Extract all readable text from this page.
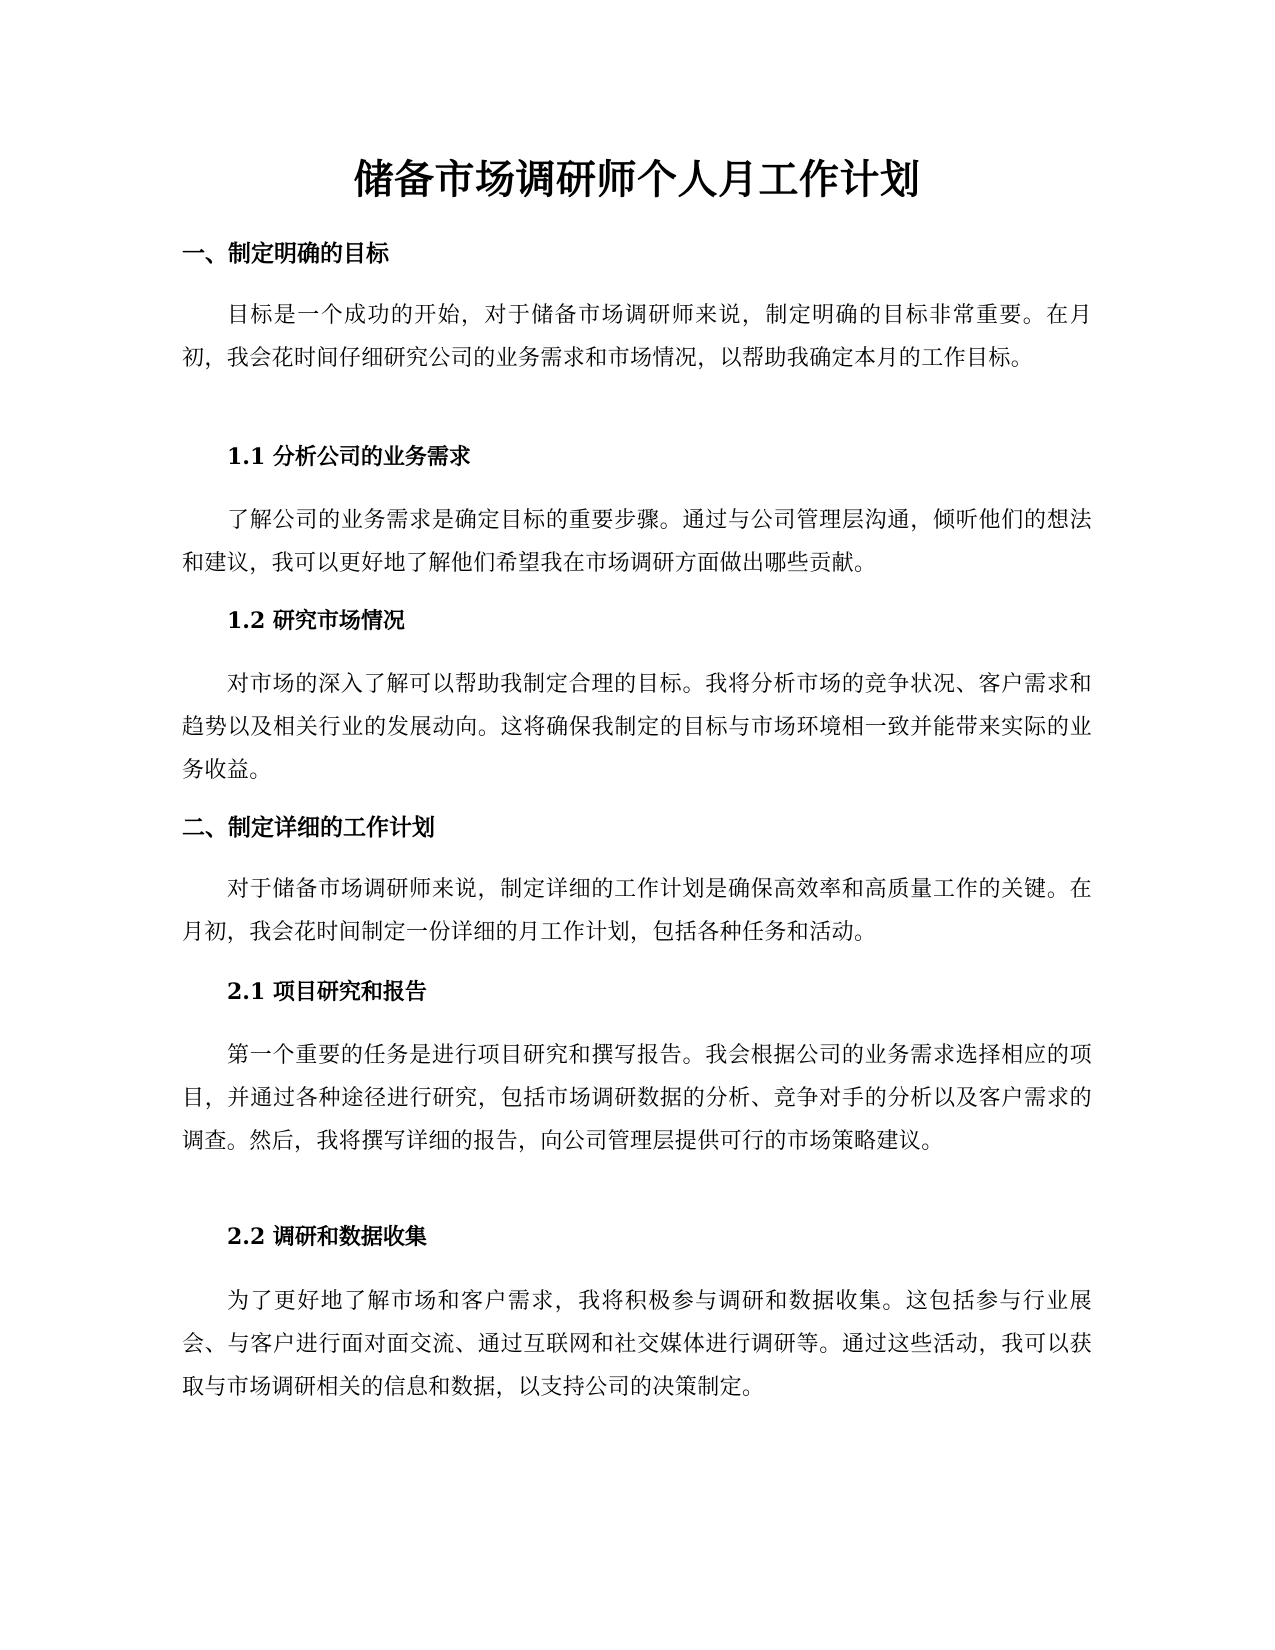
储备市场调研师个人月工作计划
一、制定明确的目标

目标是一个成功的开始，对于储备市场调研师来说，制定明确的目标非常重要。在月初，我会花时间仔细研究公司的业务需求和市场情况，以帮助我确定本月的工作目标。

1.1 分析公司的业务需求

了解公司的业务需求是确定目标的重要步骤。通过与公司管理层沟通，倾听他们的想法和建议，我可以更好地了解他们希望我在市场调研方面做出哪些贡献。

1.2 研究市场情况

对市场的深入了解可以帮助我制定合理的目标。我将分析市场的竞争状况、客户需求和趋势以及相关行业的发展动向。这将确保我制定的目标与市场环境相一致并能带来实际的业务收益。

二、制定详细的工作计划

对于储备市场调研师来说，制定详细的工作计划是确保高效率和高质量工作的关键。在月初，我会花时间制定一份详细的月工作计划，包括各种任务和活动。

2.1 项目研究和报告

第一个重要的任务是进行项目研究和撰写报告。我会根据公司的业务需求选择相应的项目，并通过各种途径进行研究，包括市场调研数据的分析、竞争对手的分析以及客户需求的调查。然后，我将撰写详细的报告，向公司管理层提供可行的市场策略建议。

2.2 调研和数据收集

为了更好地了解市场和客户需求，我将积极参与调研和数据收集。这包括参与行业展会、与客户进行面对面交流、通过互联网和社交媒体进行调研等。通过这些活动，我可以获取与市场调研相关的信息和数据，以支持公司的决策制定。
